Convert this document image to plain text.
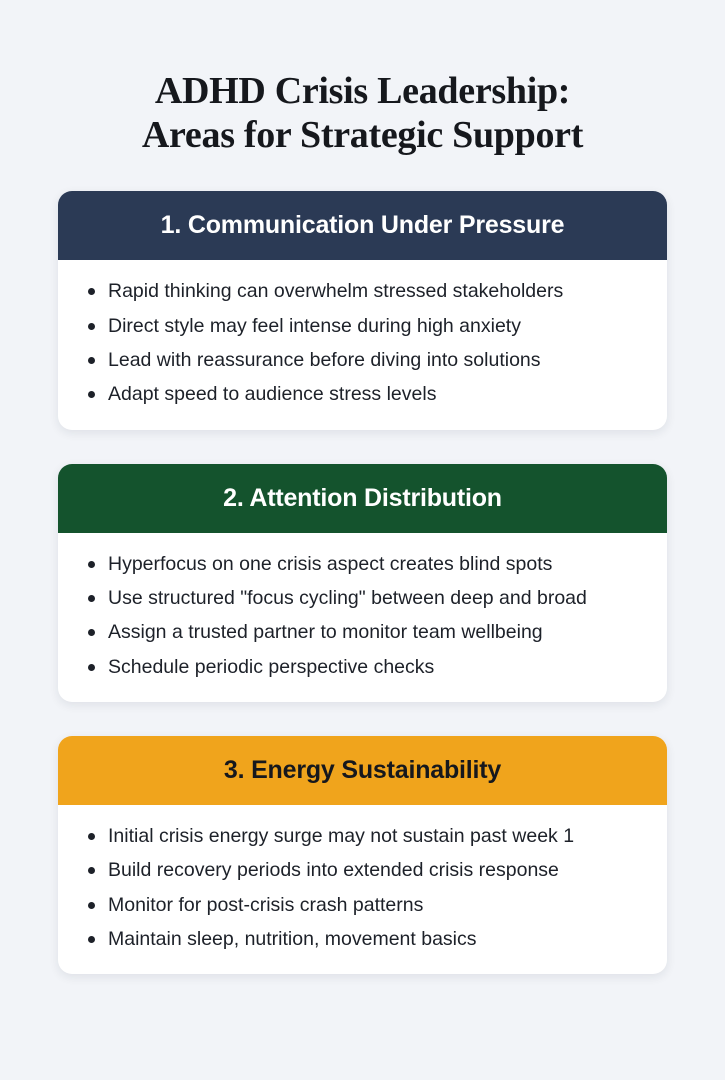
ADHD Crisis Leadership:
Areas for Strategic Support
1. Communication Under Pressure
Rapid thinking can overwhelm stressed stakeholders
Direct style may feel intense during high anxiety
Lead with reassurance before diving into solutions
Adapt speed to audience stress levels
2. Attention Distribution
Hyperfocus on one crisis aspect creates blind spots
Use structured "focus cycling" between deep and broad
Assign a trusted partner to monitor team wellbeing
Schedule periodic perspective checks
3. Energy Sustainability
Initial crisis energy surge may not sustain past week 1
Build recovery periods into extended crisis response
Monitor for post-crisis crash patterns
Maintain sleep, nutrition, movement basics
